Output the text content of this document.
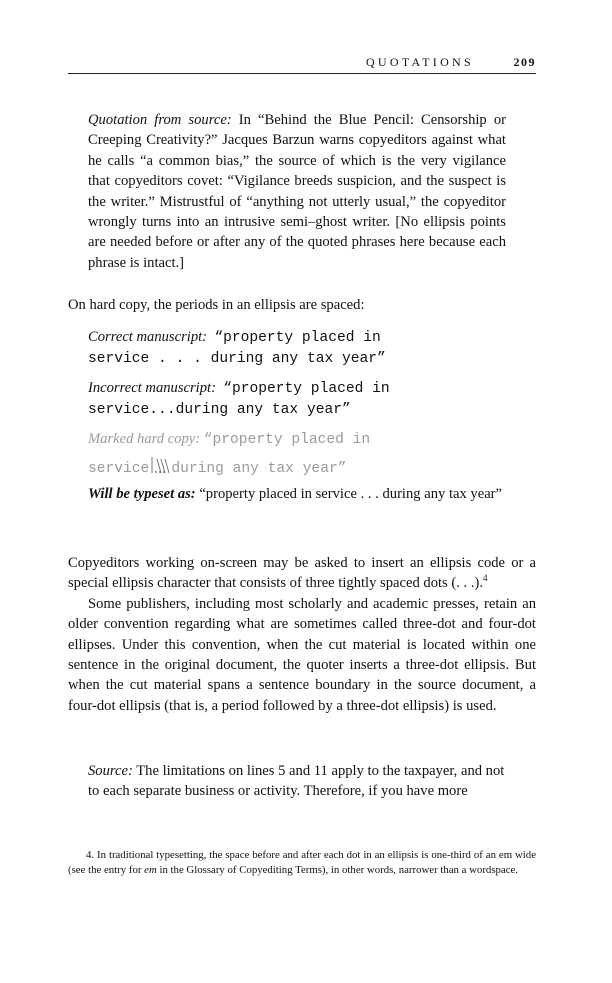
QUOTATIONS	209

Quotation from source: In “Behind the Blue Pencil: Censorship or Creeping Creativity?” Jacques Barzun warns copyeditors against what he calls “a common bias,” the source of which is the very vigilance that copyeditors covet: “Vigilance breeds suspicion, and the suspect is the writer.” Mistrustful of “anything not utterly usual,” the copyeditor wrongly turns into an intrusive semi–ghost writer. [No ellipsis points are needed before or after any of the quoted phrases here because each phrase is intact.]

On hard copy, the periods in an ellipsis are spaced:

Correct manuscript: “property placed in
service . . . during any tax year”
Incorrect manuscript: “property placed in
service...during any tax year”
Marked hard copy: “property placed in
service during any tax year”

Will be typeset as: “property placed in service . . . during any tax year”

Copyeditors working on-screen may be asked to insert an ellipsis code or a special ellipsis character that consists of three tightly spaced dots (. . .).$^4$

Some publishers, including most scholarly and academic presses, retain an older convention regarding what are sometimes called three-dot and four-dot ellipses. Under this convention, when the cut material is located within one sentence in the original document, the quoter inserts a three-dot ellipsis. But when the cut material spans a sentence boundary in the source document, a four-dot ellipsis (that is, a period followed by a three-dot ellipsis) is used.

Source: The limitations on lines 5 and 11 apply to the taxpayer, and not to each separate business or activity. Therefore, if you have more

4. In traditional typesetting, the space before and after each dot in an ellipsis is one-third of an em wide (see the entry for em in the Glossary of Copyediting Terms), in other words, narrower than a wordspace.
